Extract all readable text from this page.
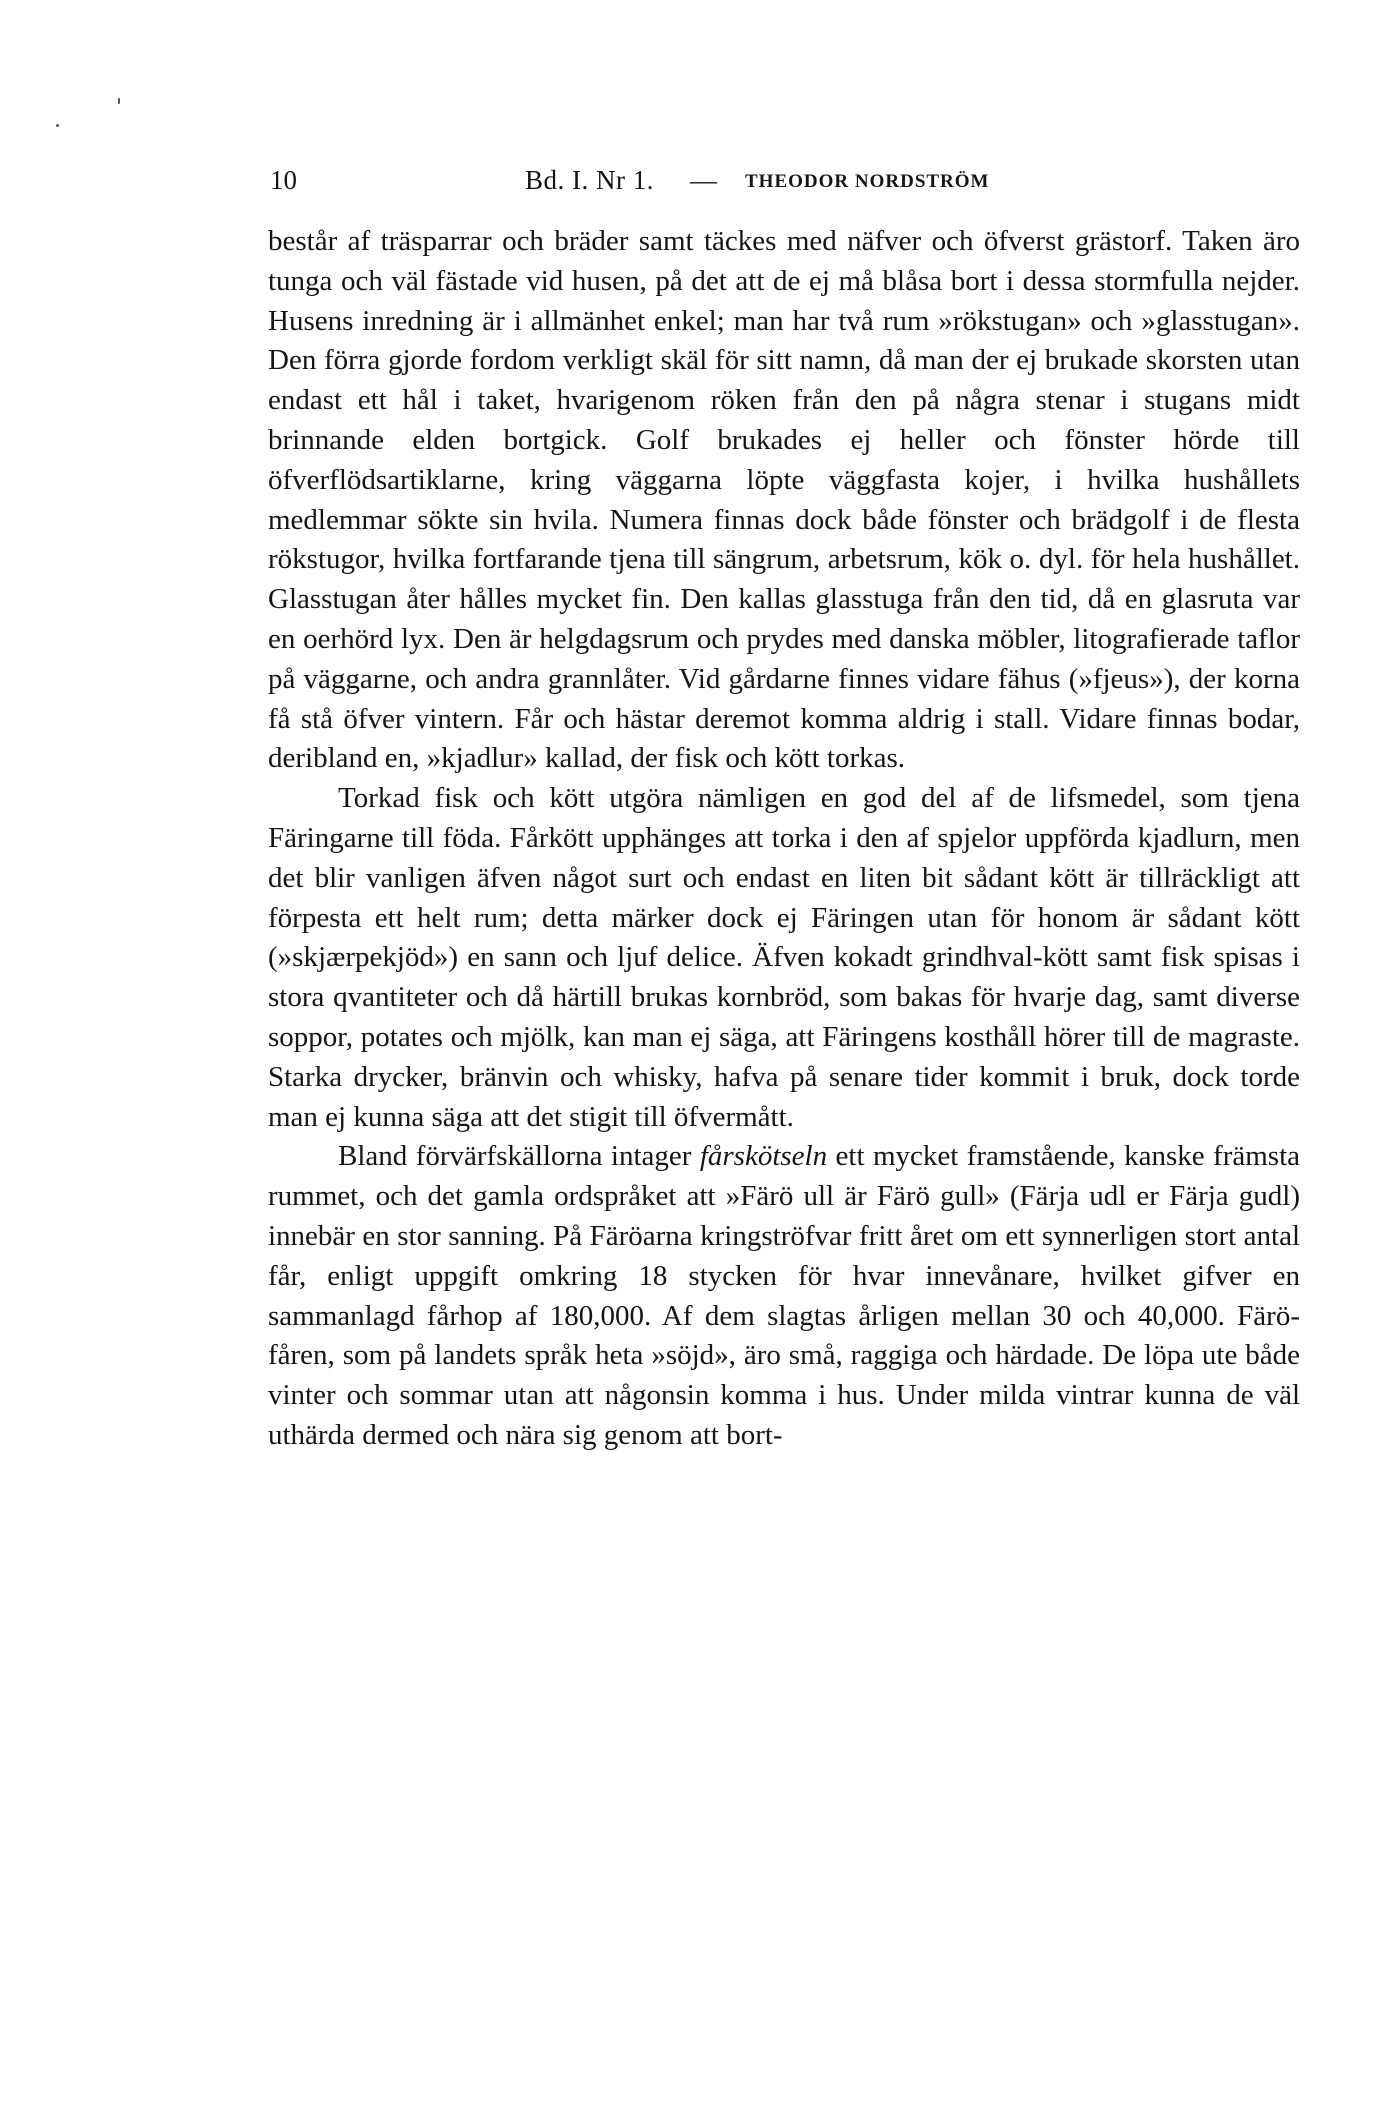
10	Bd. I. Nr 1. — THEODOR NORDSTRÖM

består af träsparrar och bräder samt täckes med näfver och öfverst grästorf. Taken äro tunga och väl fästade vid husen, på det att de ej må blåsa bort i dessa stormfulla nejder. Husens inredning är i allmänhet enkel; man har två rum »rökstugan» och »glasstugan». Den förra gjorde fordom verkligt skäl för sitt namn, då man der ej brukade skorsten utan endast ett hål i taket, hvarigenom röken från den på några stenar i stugans midt brinnande elden bortgick. Golf brukades ej heller och fönster hörde till öfverflödsartiklarne, kring väggarna löpte väggfasta kojer, i hvilka hushållets medlemmar sökte sin hvila. Numera finnas dock både fönster och brädgolf i de flesta rökstugor, hvilka fortfarande tjena till sängrum, arbetsrum, kök o. dyl. för hela hushållet. Glasstugan åter hålles mycket fin. Den kallas glasstuga från den tid, då en glasruta var en oerhörd lyx. Den är helgdagsrum och prydes med danska möbler, litografierade taflor på väggarne, och andra grannlåter. Vid gårdarne finnes vidare fähus (»fjeus»), der korna få stå öfver vintern. Får och hästar deremot komma aldrig i stall. Vidare finnas bodar, deribland en, »kjadlur» kallad, der fisk och kött torkas.

Torkad fisk och kött utgöra nämligen en god del af de lifsmedel, som tjena Färingarne till föda. Fårkött upphänges att torka i den af spjelor uppförda kjadlurn, men det blir vanligen äfven något surt och endast en liten bit sådant kött är tillräckligt att förpesta ett helt rum; detta märker dock ej Färingen utan för honom är sådant kött (»skjærpekjöd») en sann och ljuf delice. Äfven kokadt grindhval-kött samt fisk spisas i stora qvantiteter och då härtill brukas kornbröd, som bakas för hvarje dag, samt diverse soppor, potates och mjölk, kan man ej säga, att Färingens kosthåll hörer till de magraste. Starka drycker, bränvin och whisky, hafva på senare tider kommit i bruk, dock torde man ej kunna säga att det stigit till öfvermått.

Bland förvärfskällorna intager fårskötseln ett mycket framstående, kanske främsta rummet, och det gamla ordspråket att »Färö ull är Färö gull» (Färja udl er Färja gudl) innebär en stor sanning. På Färöarna kringströfvar fritt året om ett synnerligen stort antal får, enligt uppgift omkring 18 stycken för hvar innevånare, hvilket gifver en sammanlagd fårhop af 180,000. Af dem slagtas årligen mellan 30 och 40,000. Färö-fåren, som på landets språk heta »söjd», äro små, raggiga och härdade. De löpa ute både vinter och sommar utan att någonsin komma i hus. Under milda vintrar kunna de väl uthärda dermed och nära sig genom att bort-
